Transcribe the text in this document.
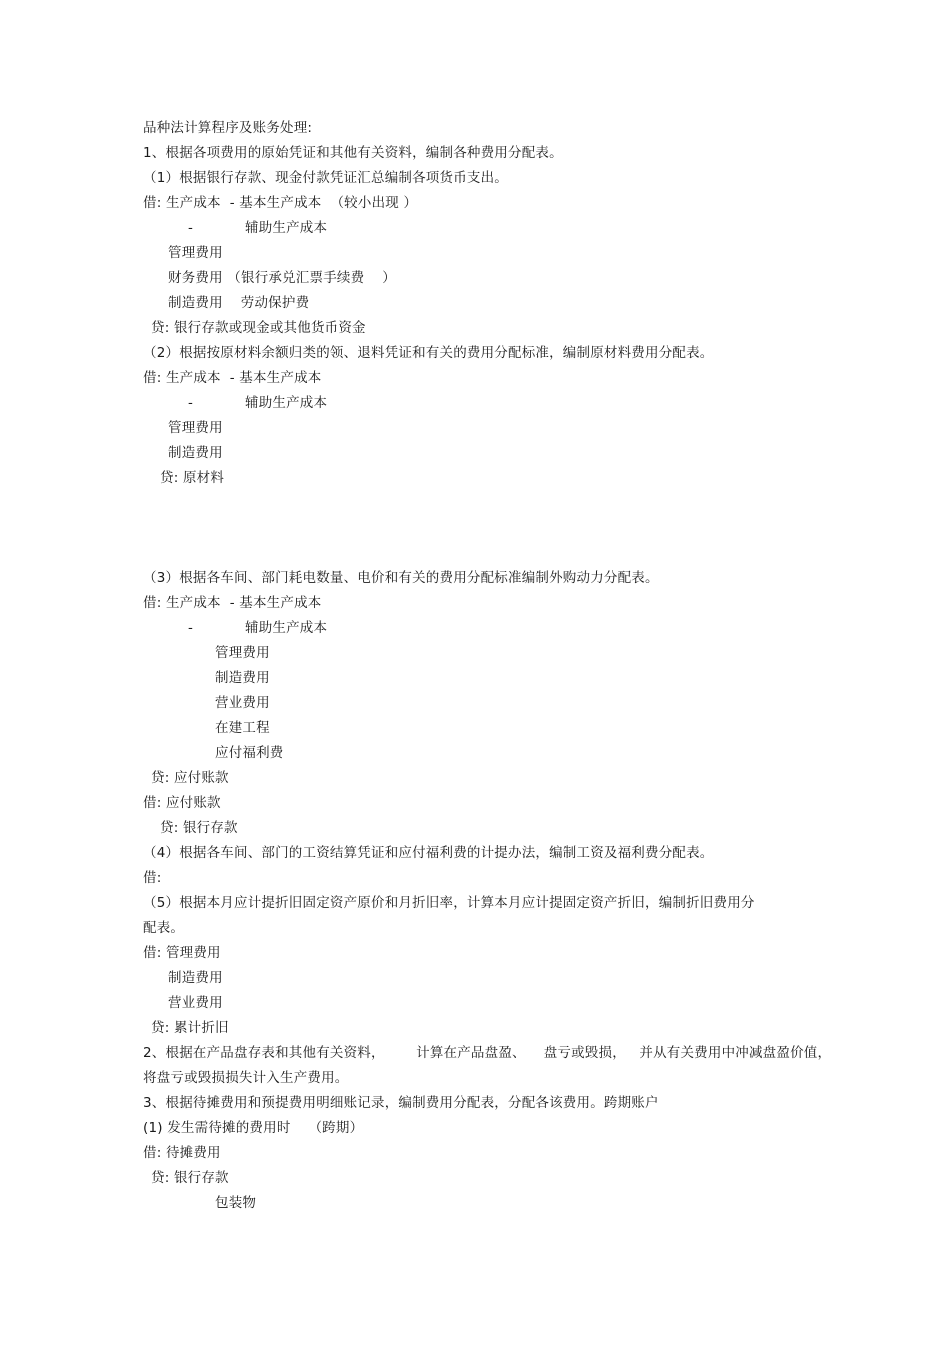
品种法计算程序及账务处理:
1、根据各项费用的原始凭证和其他有关资料，编制各种费用分配表。
（1）根据银行存款、现金付款凭证汇总编制各项货币支出。
借: 生产成本  - 基本生产成本  （较小出现 ）
-	辅助生产成本
管理费用
财务费用 （银行承兑汇票手续费    ）
制造费用    劳动保护费
贷: 银行存款或现金或其他货币资金
（2）根据按原材料余额归类的领、退料凭证和有关的费用分配标准，编制原材料费用分配表。
借: 生产成本  - 基本生产成本
-	辅助生产成本
管理费用
制造费用
贷: 原材料
（3）根据各车间、部门耗电数量、电价和有关的费用分配标准编制外购动力分配表。
借: 生产成本  - 基本生产成本
-	辅助生产成本
管理费用
制造费用
营业费用
在建工程
应付福利费
贷: 应付账款
借: 应付账款
贷: 银行存款
（4）根据各车间、部门的工资结算凭证和应付福利费的计提办法，编制工资及福利费分配表。
借:
（5）根据本月应计提折旧固定资产原价和月折旧率，计算本月应计提固定资产折旧，编制折旧费用分
配表。
借: 管理费用
制造费用
营业费用
贷: 累计折旧
2、根据在产品盘存表和其他有关资料，       计算在产品盘盈、    盘亏或毁损，   并从有关费用中冲减盘盈价值，
将盘亏或毁损损失计入生产费用。
3、根据待摊费用和预提费用明细账记录，编制费用分配表，分配各该费用。跨期账户
(1) 发生需待摊的费用时    （跨期）
借: 待摊费用
贷: 银行存款
包装物
